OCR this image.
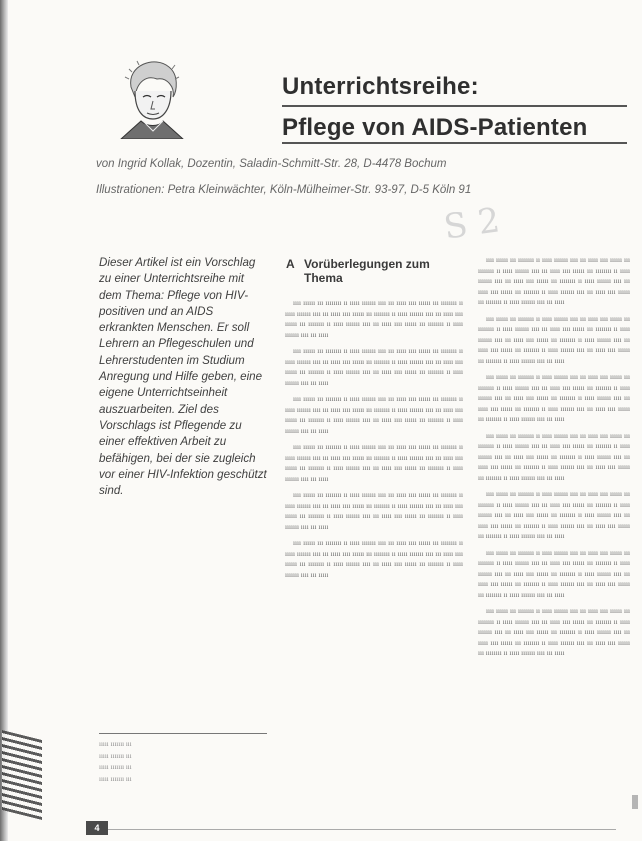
Unterrichtsreihe:
Pflege von AIDS-Patienten
von Ingrid Kollak, Dozentin, Saladin-Schmitt-Str. 28, D-4478 Bochum
Illustrationen: Petra Kleinwächter, Köln-Mülheimer-Str. 93-97, D-5 Köln 91
S 2
Dieser Artikel ist ein Vorschlag zu einer Unterrichtsreihe mit dem Thema: Pflege von HIV-positiven und an AIDS erkrankten Menschen. Er soll Lehrern an Pflegeschulen und Lehrerstudenten im Studium Anregung und Hilfe geben, eine eigene Unterrichtseinheit auszuarbeiten. Ziel des Vorschlags ist Pflegende zu einer effektiven Arbeit zu befähigen, bei der sie zugleich vor einer HIV-Infektion geschützt sind.
A Vorüberlegungen zum Thema

ıııı ıııııı ııı ıııııııı ıı ııııı ııııııı ıııı ııı ııııı ıııı ıııııı ııı ıııııııı ıı ııııı ııııııı ıııı ııı ııııı ıııı ıııııı ııı ıııııııı ıı ııııı ııııııı ıııı ııı ııııı ıııı ıııııı ııı ıııııııı ıı ııııı ııııııı ıııı ııı ııııı ıııı ıııııı ııı ıııııııı ıı ııııı ııııııı ıııı ııı ııııı

ıııı ıııııı ııı ıııııııı ıı ııııı ııııııı ıııı ııı ııııı ıııı ıııııı ııı ıııııııı ıı ııııı ııııııı ıııı ııı ııııı ıııı ıııııı ııı ıııııııı ıı ııııı ııııııı ıııı ııı ııııı ıııı ıııııı ııı ıııııııı ıı ııııı ııııııı ıııı ııı ııııı ıııı ıııııı ııı ıııııııı ıı ııııı ııııııı ıııı ııı ııııı

ıııı ıııııı ııı ıııııııı ıı ııııı ııııııı ıııı ııı ııııı ıııı ıııııı ııı ıııııııı ıı ııııı ııııııı ıııı ııı ııııı ıııı ıııııı ııı ıııııııı ıı ııııı ııııııı ıııı ııı ııııı ıııı ıııııı ııı ıııııııı ıı ııııı ııııııı ıııı ııı ııııı ıııı ıııııı ııı ıııııııı ıı ııııı ııııııı ıııı ııı ııııı

ıııı ıııııı ııı ıııııııı ıı ııııı ııııııı ıııı ııı ııııı ıııı ıııııı ııı ıııııııı ıı ııııı ııııııı ıııı ııı ııııı ıııı ıııııı ııı ıııııııı ıı ııııı ııııııı ıııı ııı ııııı ıııı ıııııı ııı ıııııııı ıı ııııı ııııııı ıııı ııı ııııı ıııı ıııııı ııı ıııııııı ıı ııııı ııııııı ıııı ııı ııııı

ıııı ıııııı ııı ıııııııı ıı ııııı ııııııı ıııı ııı ııııı ıııı ıııııı ııı ıııııııı ıı ııııı ııııııı ıııı ııı ııııı ıııı ıııııı ııı ıııııııı ıı ııııı ııııııı ıııı ııı ııııı ıııı ıııııı ııı ıııııııı ıı ııııı ııııııı ıııı ııı ııııı ıııı ıııııı ııı ıııııııı ıı ııııı ııııııı ıııı ııı ııııı

ıııı ıııııı ııı ıııııııı ıı ııııı ııııııı ıııı ııı ııııı ıııı ıııııı ııı ıııııııı ıı ııııı ııııııı ıııı ııı ııııı ıııı ıııııı ııı ıııııııı ıı ııııı ııııııı ıııı ııı ııııı ıııı ıııııı ııı ıııııııı ıı ııııı ııııııı ıııı ııı ııııı ıııı ıııııı ııı ıııııııı ıı ııııı ııııııı ıııı ııı ııııı

ıııı ıııııı ııı ıııııııı ıı ııııı ııııııı ıııı ııı ııııı ıııı ıııııı ııı ıııııııı ıı ııııı ııııııı ıııı ııı ııııı ıııı ıııııı ııı ıııııııı ıı ııııı ııııııı ıııı ııı ııııı ıııı ıııııı ııı ıııııııı ıı ııııı ııııııı ıııı ııı ııııı ıııı ıııııı ııı ıııııııı ıı ııııı ııııııı ıııı ııı ııııı ıııı ıııııı ııı ıııııııı ıı ııııı ııııııı ıııı ııı ııııı

ıııı ıııııı ııı ıııııııı ıı ııııı ııııııı ıııı ııı ııııı ıııı ıııııı ııı ıııııııı ıı ııııı ııııııı ıııı ııı ııııı ıııı ıııııı ııı ıııııııı ıı ııııı ııııııı ıııı ııı ııııı ıııı ıııııı ııı ıııııııı ıı ııııı ııııııı ıııı ııı ııııı ıııı ıııııı ııı ıııııııı ıı ııııı ııııııı ıııı ııı ııııı ıııı ıııııı ııı ıııııııı ıı ııııı ııııııı ıııı ııı ııııı

ıııı ıııııı ııı ıııııııı ıı ııııı ııııııı ıııı ııı ııııı ıııı ıııııı ııı ıııııııı ıı ııııı ııııııı ıııı ııı ııııı ıııı ıııııı ııı ıııııııı ıı ııııı ııııııı ıııı ııı ııııı ıııı ıııııı ııı ıııııııı ıı ııııı ııııııı ıııı ııı ııııı ıııı ıııııı ııı ıııııııı ıı ııııı ııııııı ıııı ııı ııııı ıııı ıııııı ııı ıııııııı ıı ııııı ııııııı ıııı ııı ııııı

ıııı ıııııı ııı ıııııııı ıı ııııı ııııııı ıııı ııı ııııı ıııı ıııııı ııı ıııııııı ıı ııııı ııııııı ıııı ııı ııııı ıııı ıııııı ııı ıııııııı ıı ııııı ııııııı ıııı ııı ııııı ıııı ıııııı ııı ıııııııı ıı ııııı ııııııı ıııı ııı ııııı ıııı ıııııı ııı ıııııııı ıı ııııı ııııııı ıııı ııı ııııı ıııı ıııııı ııı ıııııııı ıı ııııı ııııııı ıııı ııı ııııı

ıııı ıııııı ııı ıııııııı ıı ııııı ııııııı ıııı ııı ııııı ıııı ıııııı ııı ıııııııı ıı ııııı ııııııı ıııı ııı ııııı ıııı ıııııı ııı ıııııııı ıı ııııı ııııııı ıııı ııı ııııı ıııı ıııııı ııı ıııııııı ıı ııııı ııııııı ıııı ııı ııııı ıııı ıııııı ııı ıııııııı ıı ııııı ııııııı ıııı ııı ııııı ıııı ıııııı ııı ıııııııı ıı ııııı ııııııı ıııı ııı ııııı

ıııı ıııııı ııı ıııııııı ıı ııııı ııııııı ıııı ııı ııııı ıııı ıııııı ııı ıııııııı ıı ııııı ııııııı ıııı ııı ııııı ıııı ıııııı ııı ıııııııı ıı ııııı ııııııı ıııı ııı ııııı ıııı ıııııı ııı ıııııııı ıı ııııı ııııııı ıııı ııı ııııı ıııı ıııııı ııı ıııııııı ıı ııııı ııııııı ıııı ııı ııııı ıııı ıııııı ııı ıııııııı ıı ııııı ııııııı ıııı ııı ııııı

ıııı ıııııı ııı ıııııııı ıı ııııı ııııııı ıııı ııı ııııı ıııı ıııııı ııı ıııııııı ıı ııııı ııııııı ıııı ııı ııııı ıııı ıııııı ııı ıııııııı ıı ııııı ııııııı ıııı ııı ııııı ıııı ıııııı ııı ıııııııı ıı ııııı ııııııı ıııı ııı ııııı ıııı ıııııı ııı ıııııııı ıı ııııı ııııııı ıııı ııı ııııı ıııı ıııııı ııı ıııııııı ıı ııııı ııııııı ıııı ııı ııııı

ııııı ııııııı ııı
ııııı ııııııı ııı
ııııı ııııııı ııı
ııııı ııııııı ııı
4
